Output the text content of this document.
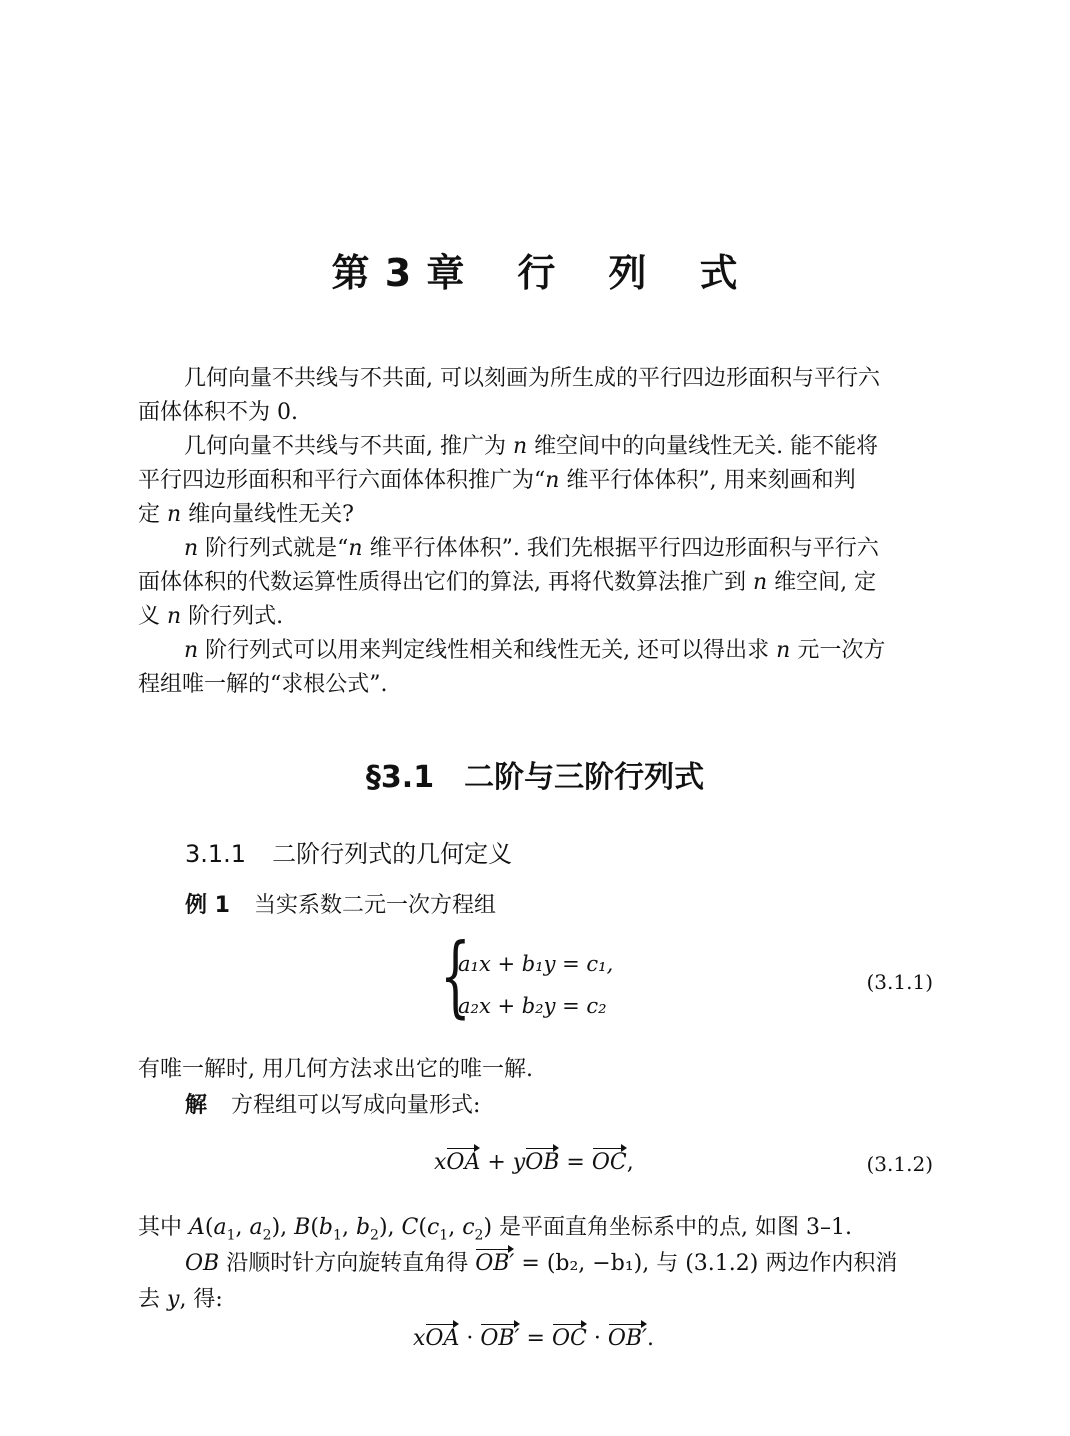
第 3 章 行 列 式
几何向量不共线与不共面, 可以刻画为所生成的平行四边形面积与平行六
面体体积不为 0.
几何向量不共线与不共面, 推广为 n 维空间中的向量线性无关. 能不能将
平行四边形面积和平行六面体体积推广为“n 维平行体体积”, 用来刻画和判
定 n 维向量线性无关?
n 阶行列式就是“n 维平行体体积”. 我们先根据平行四边形面积与平行六
面体体积的代数运算性质得出它们的算法, 再将代数算法推广到 n 维空间, 定
义 n 阶行列式.
n 阶行列式可以用来判定线性相关和线性无关, 还可以得出求 n 元一次方
程组唯一解的“求根公式”.
§3.1　二阶与三阶行列式
3.1.1 二阶行列式的几何定义
例 1 当实系数二元一次方程组
{
a₁x + b₁y = c₁,
a₂x + b₂y = c₂
(3.1.1)
有唯一解时, 用几何方法求出它的唯一解.
解 方程组可以写成向量形式:
xOA + yOB = OC,	(3.1.2)
其中 $A(a_1$, $a_2$), $B(b_1$, $b_2$), $C(c_1$, $c_2$) 是平面直角坐标系中的点, 如图 3–1.
OB 沿顺时针方向旋转直角得 OB′ = (b₂, −b₁), 与 (3.1.2) 两边作内积消
去 y, 得:
xOA · OB′ = OC · OB′.
